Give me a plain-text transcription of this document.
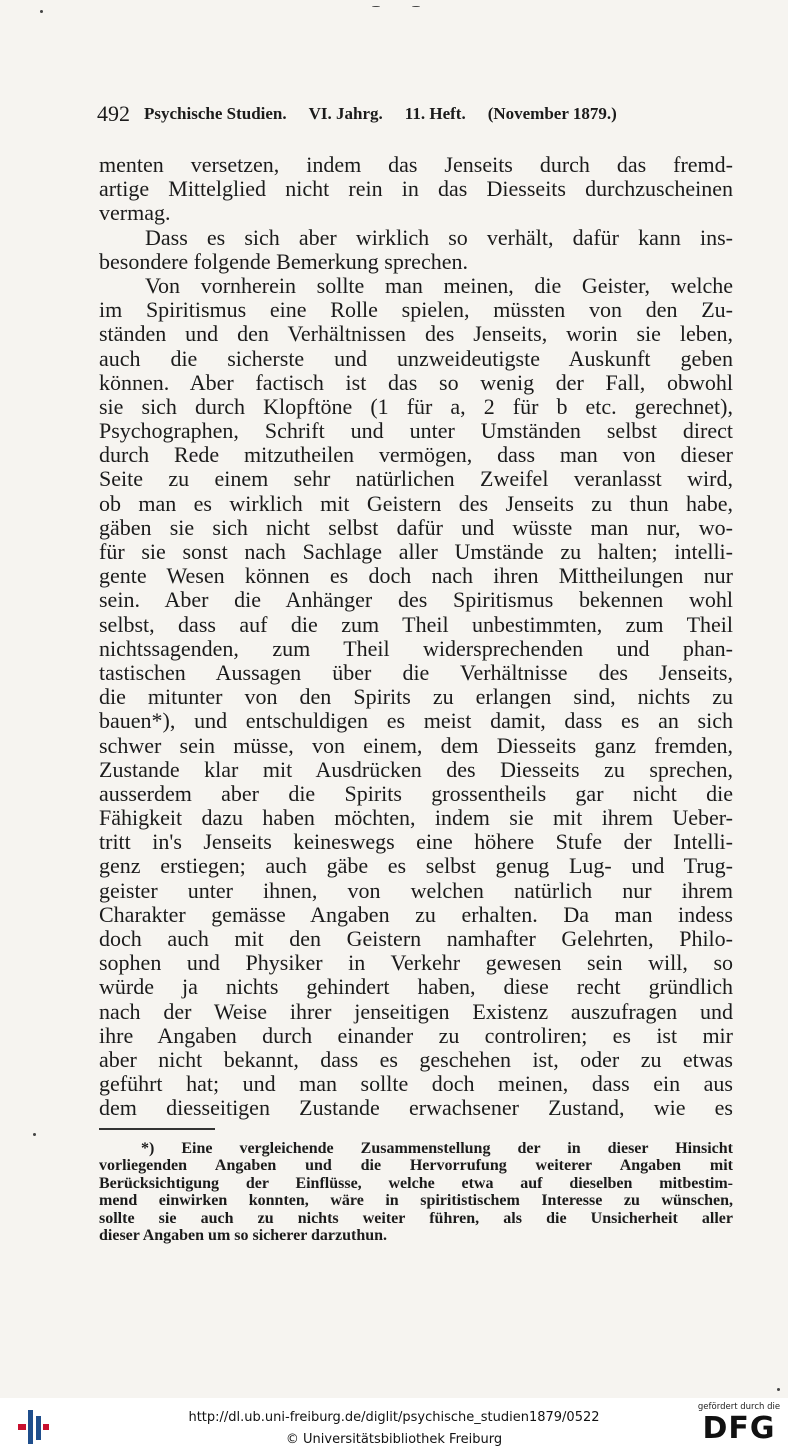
492 Psychische Studien. VI. Jahrg. 11. Heft. (November 1879.)
menten versetzen, indem das Jenseits durch das fremd-
artige Mittelglied nicht rein in das Diesseits durchzuscheinen
vermag.
Dass es sich aber wirklich so verhält, dafür kann ins-
besondere folgende Bemerkung sprechen.
Von vornherein sollte man meinen, die Geister, welche
im Spiritismus eine Rolle spielen, müssten von den Zu-
ständen und den Verhältnissen des Jenseits, worin sie leben,
auch die sicherste und unzweideutigste Auskunft geben
können. Aber factisch ist das so wenig der Fall, obwohl
sie sich durch Klopftöne (1 für a, 2 für b etc. gerechnet),
Psychographen, Schrift und unter Umständen selbst direct
durch Rede mitzutheilen vermögen, dass man von dieser
Seite zu einem sehr natürlichen Zweifel veranlasst wird,
ob man es wirklich mit Geistern des Jenseits zu thun habe,
gäben sie sich nicht selbst dafür und wüsste man nur, wo-
für sie sonst nach Sachlage aller Umstände zu halten; intelli-
gente Wesen können es doch nach ihren Mittheilungen nur
sein. Aber die Anhänger des Spiritismus bekennen wohl
selbst, dass auf die zum Theil unbestimmten, zum Theil
nichtssagenden, zum Theil widersprechenden und phan-
tastischen Aussagen über die Verhältnisse des Jenseits,
die mitunter von den Spirits zu erlangen sind, nichts zu
bauen*), und entschuldigen es meist damit, dass es an sich
schwer sein müsse, von einem, dem Diesseits ganz fremden,
Zustande klar mit Ausdrücken des Diesseits zu sprechen,
ausserdem aber die Spirits grossentheils gar nicht die
Fähigkeit dazu haben möchten, indem sie mit ihrem Ueber-
tritt in's Jenseits keineswegs eine höhere Stufe der Intelli-
genz erstiegen; auch gäbe es selbst genug Lug- und Trug-
geister unter ihnen, von welchen natürlich nur ihrem
Charakter gemässe Angaben zu erhalten. Da man indess
doch auch mit den Geistern namhafter Gelehrten, Philo-
sophen und Physiker in Verkehr gewesen sein will, so
würde ja nichts gehindert haben, diese recht gründlich
nach der Weise ihrer jenseitigen Existenz auszufragen und
ihre Angaben durch einander zu controliren; es ist mir
aber nicht bekannt, dass es geschehen ist, oder zu etwas
geführt hat; und man sollte doch meinen, dass ein aus
dem diesseitigen Zustande erwachsener Zustand, wie es
*) Eine vergleichende Zusammenstellung der in dieser Hinsicht
vorliegenden Angaben und die Hervorrufung weiterer Angaben mit
Berücksichtigung der Einflüsse, welche etwa auf dieselben mitbestim-
mend einwirken konnten, wäre in spiritistischem Interesse zu wünschen,
sollte sie auch zu nichts weiter führen, als die Unsicherheit aller
dieser Angaben um so sicherer darzuthun.
http://dl.ub.uni-freiburg.de/diglit/psychische_studien1879/0522
© Universitätsbibliothek Freiburg
gefördert durch die
DFG
